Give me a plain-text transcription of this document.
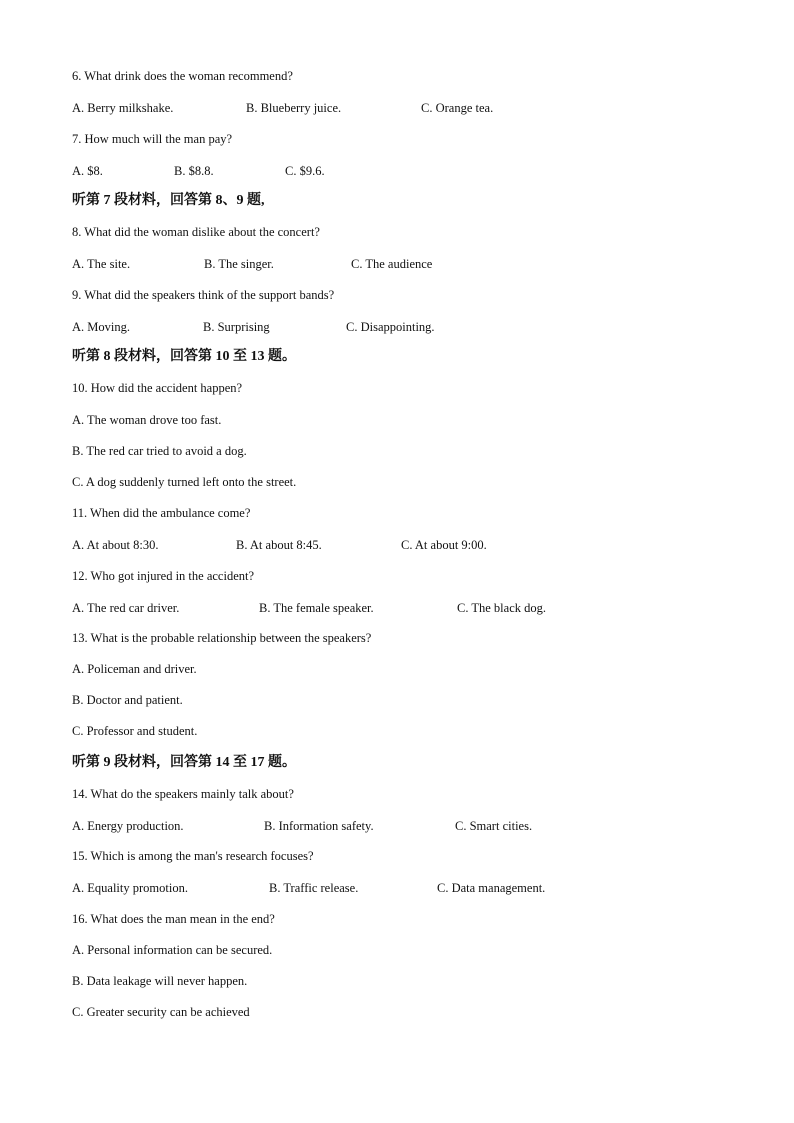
6. What drink does the woman recommend?
A. Berry milkshake.	B. Blueberry juice.	C. Orange tea.
7. How much will the man pay?
A. $8.	B. $8.8.	C. $9.6.
听第 7 段材料，回答第 8、9 题,
8. What did the woman dislike about the concert?
A. The site.	B. The singer.	C. The audience
9. What did the speakers think of the support bands?
A. Moving.	B. Surprising	C. Disappointing.
听第 8 段材料，回答第 10 至 13 题。
10. How did the accident happen?
A. The woman drove too fast.
B. The red car tried to avoid a dog.
C. A dog suddenly turned left onto the street.
11. When did the ambulance come?
A. At about 8:30.	B. At about 8:45.	C. At about 9:00.
12. Who got injured in the accident?
A. The red car driver.	B. The female speaker.	C. The black dog.
13. What is the probable relationship between the speakers?
A. Policeman and driver.
B. Doctor and patient.
C. Professor and student.
听第 9 段材料，回答第 14 至 17 题。
14. What do the speakers mainly talk about?
A. Energy production.	B. Information safety.	C. Smart cities.
15. Which is among the man's research focuses?
A. Equality promotion.	B. Traffic release.	C. Data management.
16. What does the man mean in the end?
A. Personal information can be secured.
B. Data leakage will never happen.
C. Greater security can be achieved
